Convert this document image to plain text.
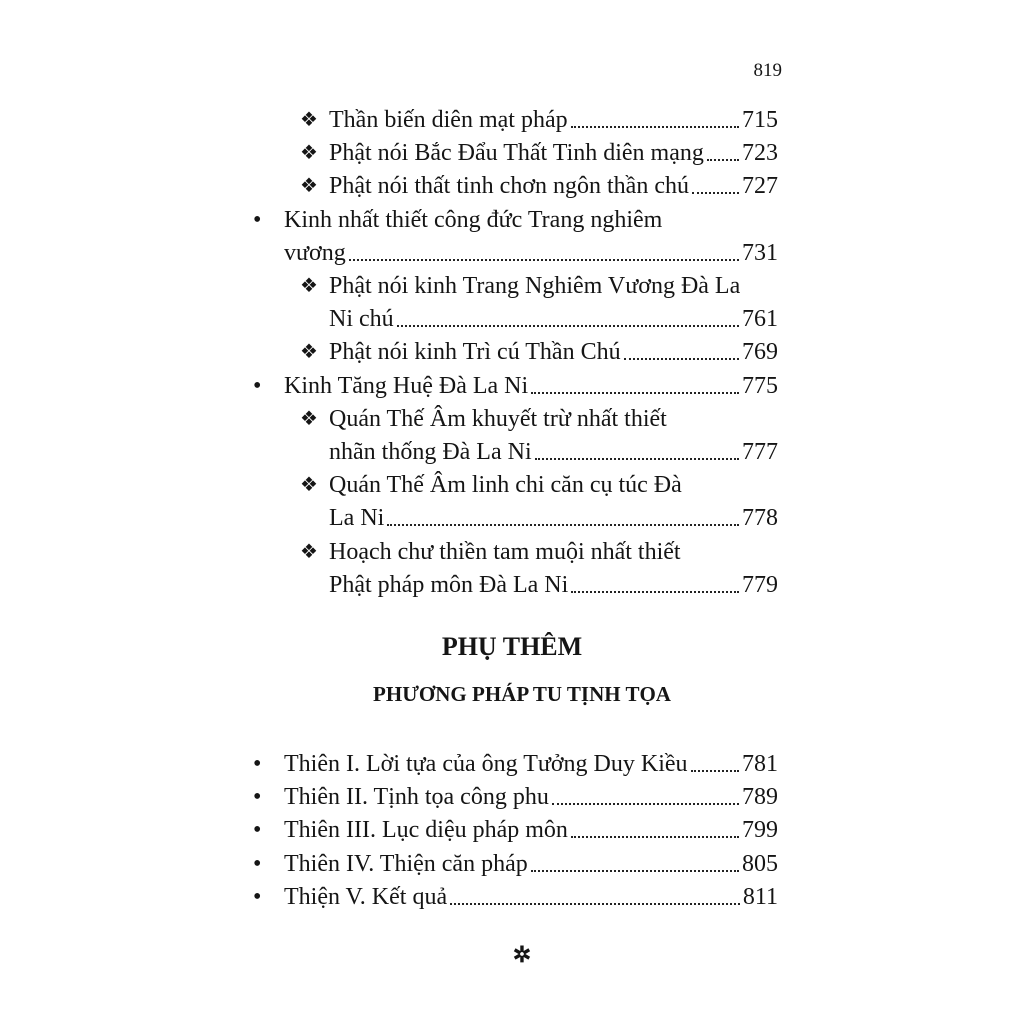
819
❖ Thần biến diên mạt pháp	715
❖ Phật nói Bắc Đẩu Thất Tinh diên mạng 723
❖ Phật nói thất tinh chơn ngôn thần chú 727
• Kinh nhất thiết công đức Trang nghiêm
vương	731
❖ Phật nói kinh Trang Nghiêm Vương Đà La
Ni chú	761
❖ Phật nói kinh Trì cú Thần Chú	769
• Kinh Tăng Huệ Đà La Ni	775
❖ Quán Thế Âm khuyết trừ nhất thiết
nhãn thống Đà La Ni	777
❖ Quán Thế Âm linh chi căn cụ túc Đà
La Ni	778
❖ Hoạch chư thiền tam muội nhất thiết
Phật pháp môn Đà La Ni	779
• Thiên I. Lời tựa của ông Tưởng Duy Kiều 781
• Thiên II. Tịnh tọa công phu	789
• Thiên III. Lục diệu pháp môn	799
• Thiên IV. Thiện căn pháp	805
• Thiện V. Kết quả	811
PHỤ THÊM
PHƯƠNG PHÁP TU TỊNH TỌA
✲
